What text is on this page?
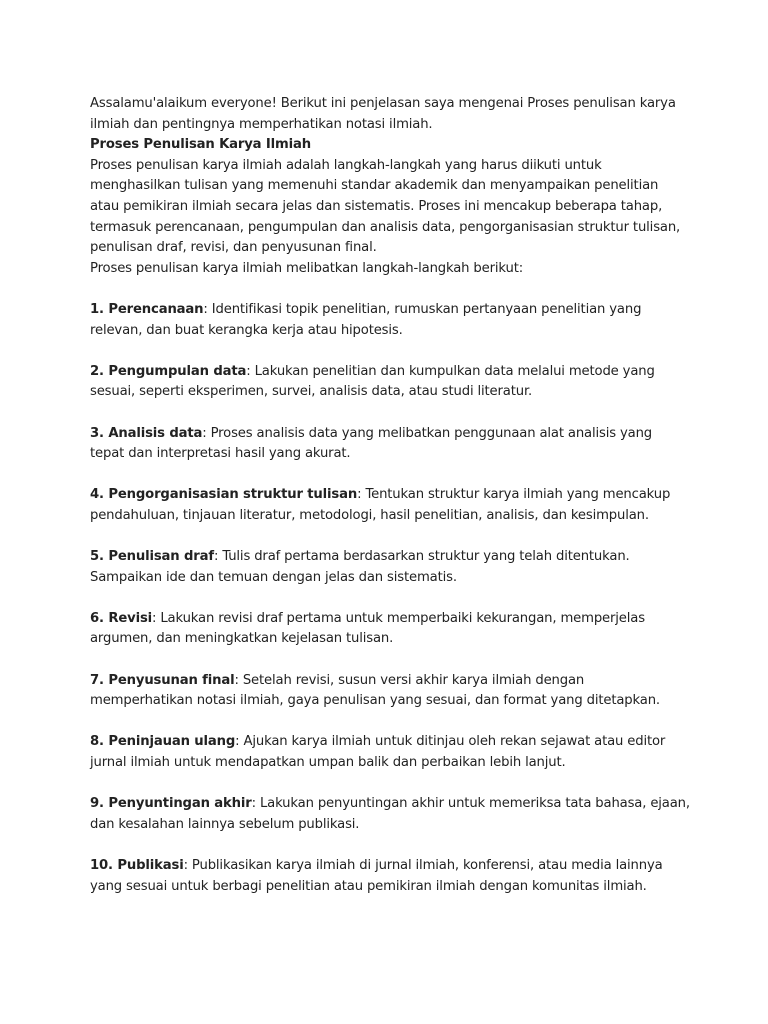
Assalamu'alaikum everyone! Berikut ini penjelasan saya mengenai Proses penulisan karya ilmiah dan pentingnya memperhatikan notasi ilmiah.

Proses Penulisan Karya Ilmiah

Proses penulisan karya ilmiah adalah langkah-langkah yang harus diikuti untuk menghasilkan tulisan yang memenuhi standar akademik dan menyampaikan penelitian atau pemikiran ilmiah secara jelas dan sistematis. Proses ini mencakup beberapa tahap, termasuk perencanaan, pengumpulan dan analisis data, pengorganisasian struktur tulisan, penulisan draf, revisi, dan penyusunan final.

Proses penulisan karya ilmiah melibatkan langkah-langkah berikut:

1. Perencanaan: Identifikasi topik penelitian, rumuskan pertanyaan penelitian yang relevan, dan buat kerangka kerja atau hipotesis.

2. Pengumpulan data: Lakukan penelitian dan kumpulkan data melalui metode yang sesuai, seperti eksperimen, survei, analisis data, atau studi literatur.

3. Analisis data: Proses analisis data yang melibatkan penggunaan alat analisis yang tepat dan interpretasi hasil yang akurat.

4. Pengorganisasian struktur tulisan: Tentukan struktur karya ilmiah yang mencakup pendahuluan, tinjauan literatur, metodologi, hasil penelitian, analisis, dan kesimpulan.

5. Penulisan draf: Tulis draf pertama berdasarkan struktur yang telah ditentukan. Sampaikan ide dan temuan dengan jelas dan sistematis.

6. Revisi: Lakukan revisi draf pertama untuk memperbaiki kekurangan, memperjelas argumen, dan meningkatkan kejelasan tulisan.

7. Penyusunan final: Setelah revisi, susun versi akhir karya ilmiah dengan memperhatikan notasi ilmiah, gaya penulisan yang sesuai, dan format yang ditetapkan.

8. Peninjauan ulang: Ajukan karya ilmiah untuk ditinjau oleh rekan sejawat atau editor jurnal ilmiah untuk mendapatkan umpan balik dan perbaikan lebih lanjut.

9. Penyuntingan akhir: Lakukan penyuntingan akhir untuk memeriksa tata bahasa, ejaan, dan kesalahan lainnya sebelum publikasi.

10. Publikasi: Publikasikan karya ilmiah di jurnal ilmiah, konferensi, atau media lainnya yang sesuai untuk berbagi penelitian atau pemikiran ilmiah dengan komunitas ilmiah.
